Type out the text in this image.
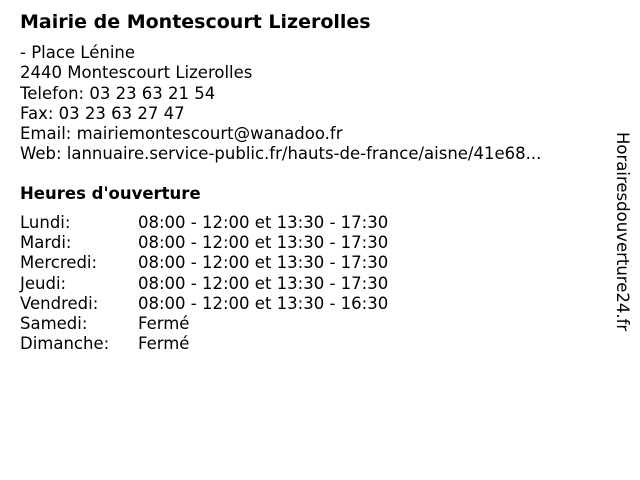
Mairie de Montescourt Lizerolles
- Place Lénine
2440 Montescourt Lizerolles
Telefon: 03 23 63 21 54
Fax: 03 23 63 27 47
Email: mairiemontescourt@wanadoo.fr
Web: lannuaire.service-public.fr/hauts-de-france/aisne/41e68...
Heures d'ouverture
Lundi:	08:00 - 12:00 et 13:30 - 17:30
Mardi:	08:00 - 12:00 et 13:30 - 17:30
Mercredi: 08:00 - 12:00 et 13:30 - 17:30
Jeudi:	08:00 - 12:00 et 13:30 - 17:30
Vendredi: 08:00 - 12:00 et 13:30 - 16:30
Samedi:	Fermé
Dimanche: Fermé
Horairesdouverture24.fr
